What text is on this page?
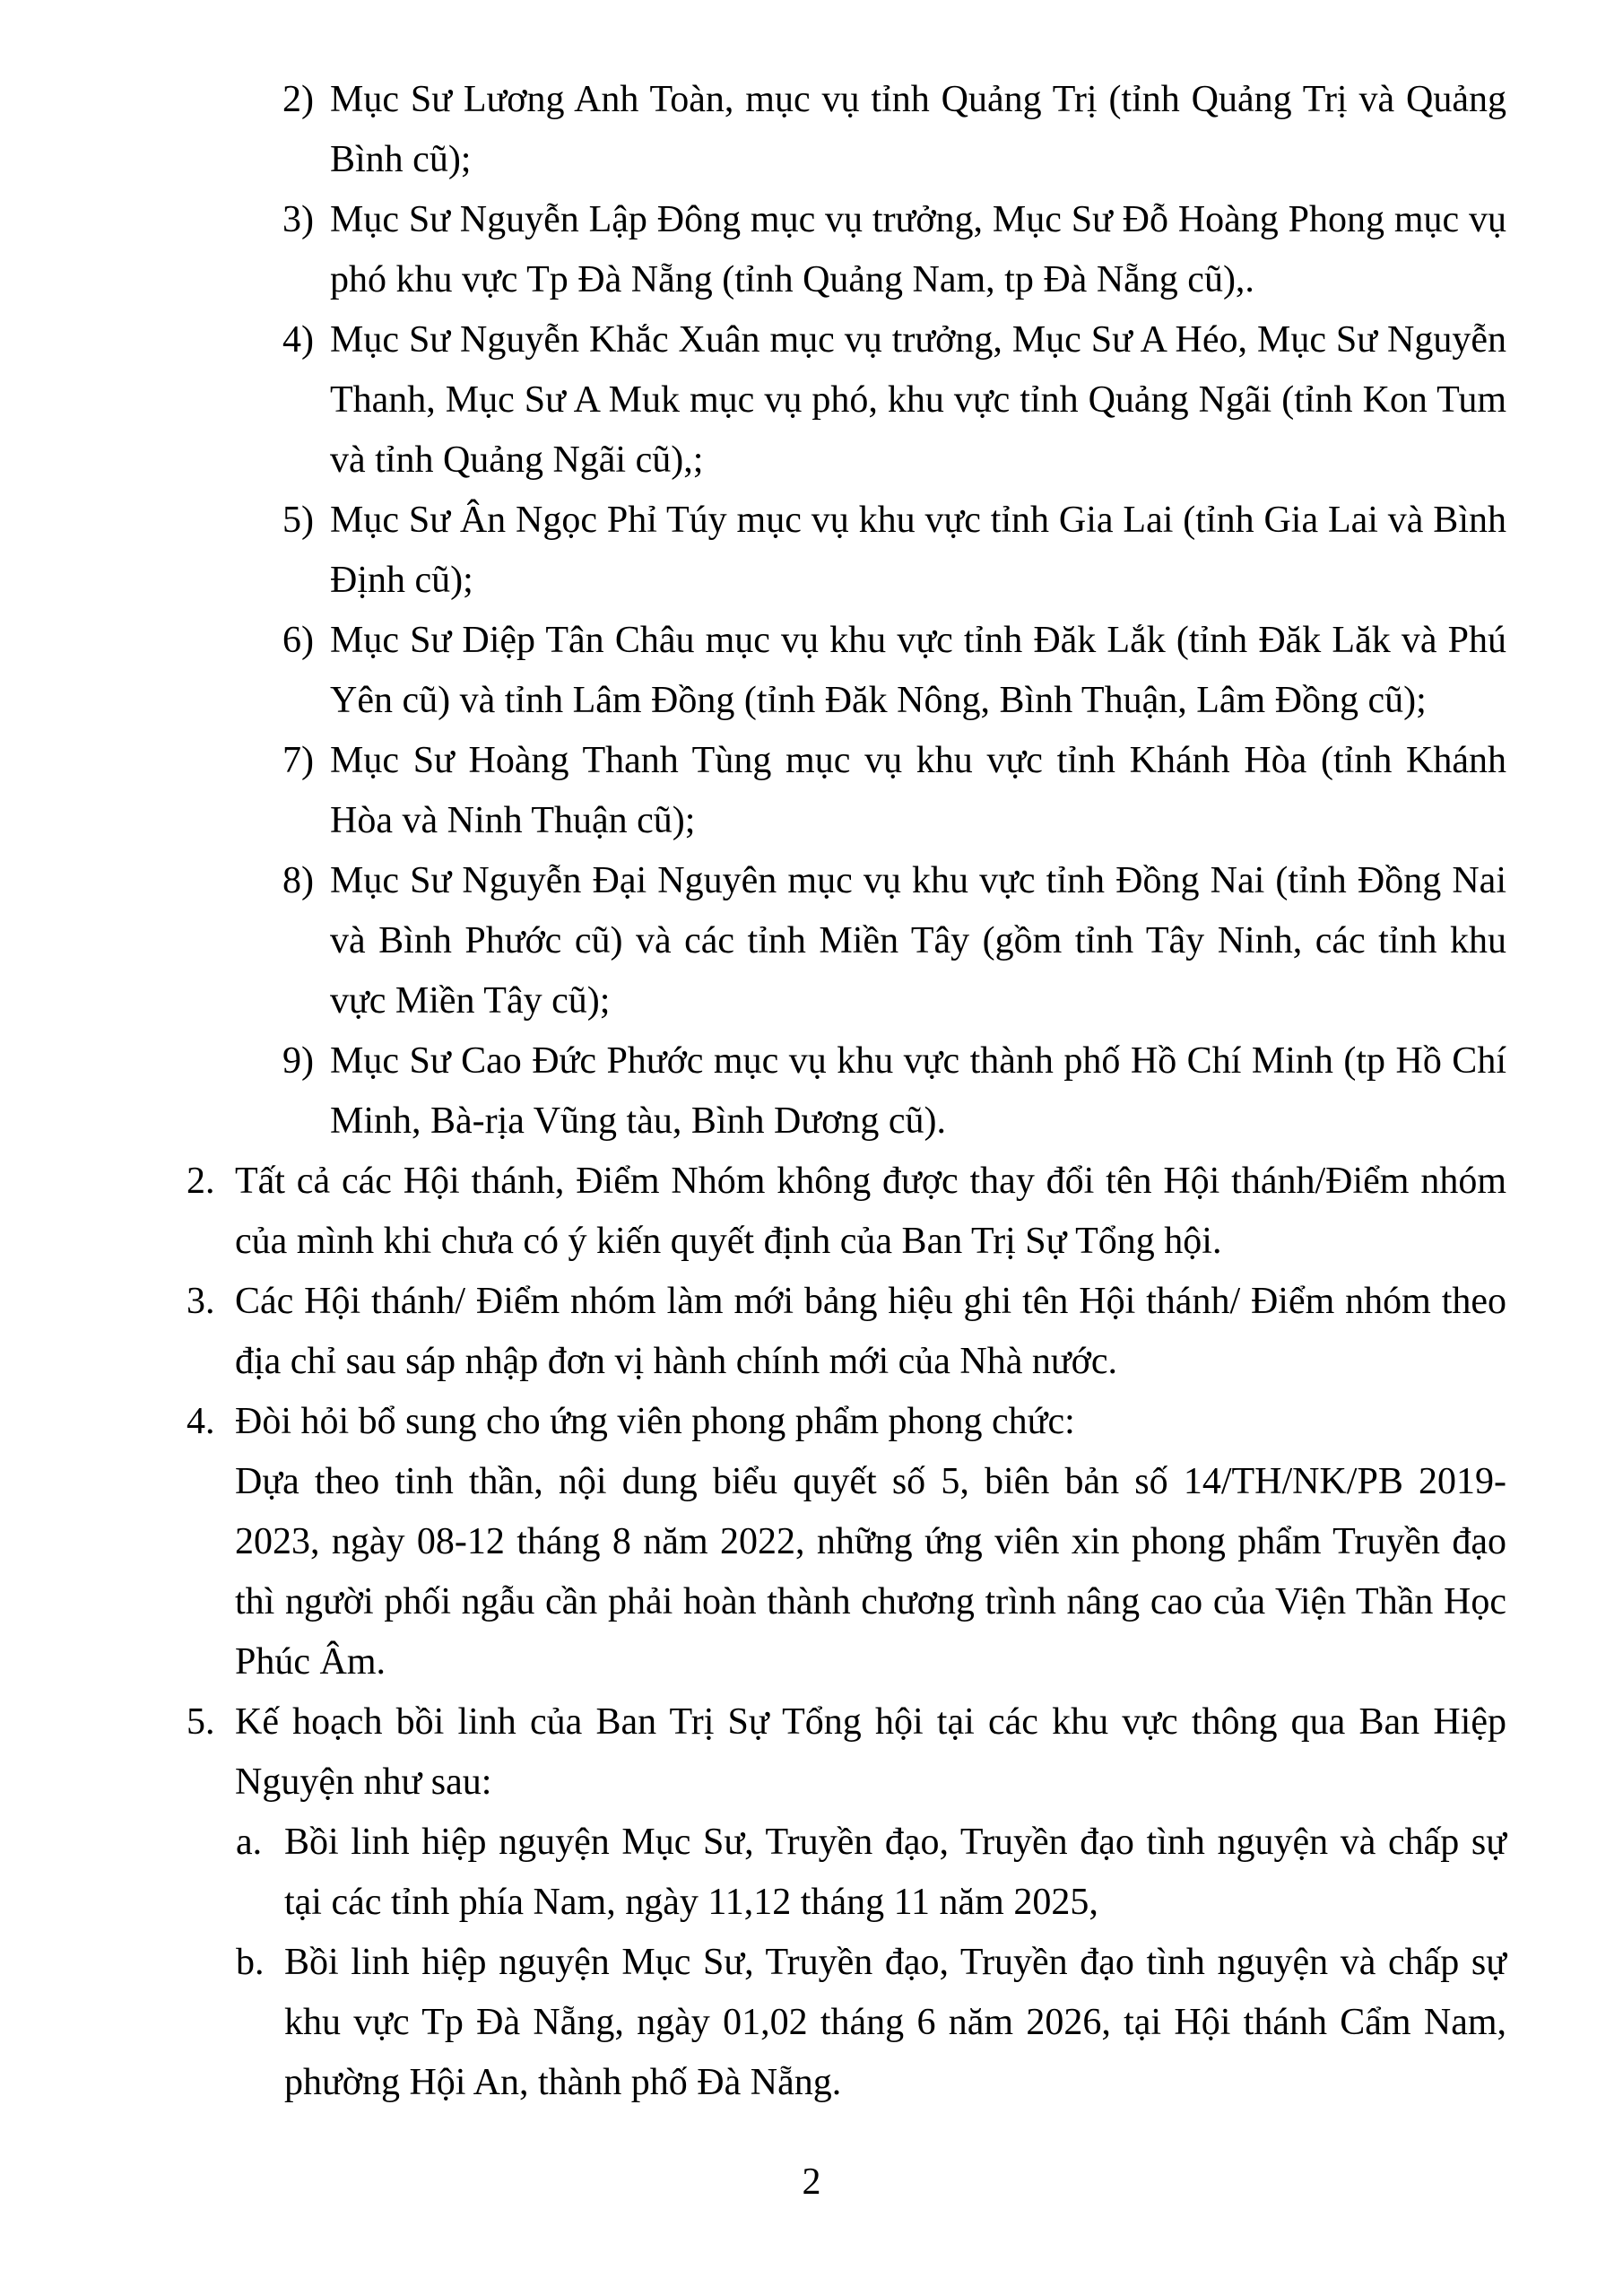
2) Mục Sư Lương Anh Toàn, mục vụ tỉnh Quảng Trị (tỉnh Quảng Trị và Quảng Bình cũ);
3) Mục Sư Nguyễn Lập Đông mục vụ trưởng, Mục Sư Đỗ Hoàng Phong mục vụ phó khu vực Tp Đà Nẵng (tỉnh Quảng Nam, tp Đà Nẵng cũ),.
4) Mục Sư Nguyễn Khắc Xuân mục vụ trưởng, Mục Sư A Héo, Mục Sư Nguyễn Thanh, Mục Sư A Muk mục vụ phó, khu vực tỉnh Quảng Ngãi (tỉnh Kon Tum và tỉnh Quảng Ngãi cũ),;
5) Mục Sư Ân Ngọc Phỉ Túy mục vụ khu vực tỉnh Gia Lai (tỉnh Gia Lai và Bình Định cũ);
6) Mục Sư Diệp Tân Châu mục vụ khu vực tỉnh Đăk Lắk (tỉnh Đăk Lăk và Phú Yên cũ) và tỉnh Lâm Đồng (tỉnh Đăk Nông, Bình Thuận, Lâm Đồng cũ);
7) Mục Sư Hoàng Thanh Tùng mục vụ khu vực tỉnh Khánh Hòa (tỉnh Khánh Hòa và Ninh Thuận cũ);
8) Mục Sư Nguyễn Đại Nguyên mục vụ khu vực tỉnh Đồng Nai (tỉnh Đồng Nai và Bình Phước cũ) và các tỉnh Miền Tây (gồm tỉnh Tây Ninh, các tỉnh khu vực Miền Tây cũ);
9) Mục Sư Cao Đức Phước mục vụ khu vực thành phố Hồ Chí Minh (tp Hồ Chí Minh, Bà-rịa Vũng tàu, Bình Dương cũ).
2. Tất cả các Hội thánh, Điểm Nhóm không được thay đổi tên Hội thánh/Điểm nhóm của mình khi chưa có ý kiến quyết định của Ban Trị Sự Tổng hội.
3. Các Hội thánh/ Điểm nhóm làm mới bảng hiệu ghi tên Hội thánh/ Điểm nhóm theo địa chỉ sau sáp nhập đơn vị hành chính mới của Nhà nước.
4. Đòi hỏi bổ sung cho ứng viên phong phẩm phong chức:
Dựa theo tinh thần, nội dung biểu quyết số 5, biên bản số 14/TH/NK/PB 2019-2023, ngày 08-12 tháng 8 năm 2022, những ứng viên xin phong phẩm Truyền đạo thì người phối ngẫu cần phải hoàn thành chương trình nâng cao của Viện Thần Học Phúc Âm.
5. Kế hoạch bồi linh của Ban Trị Sự Tổng hội tại các khu vực thông qua Ban Hiệp Nguyện như sau:
a. Bồi linh hiệp nguyện Mục Sư, Truyền đạo, Truyền đạo tình nguyện và chấp sự tại các tỉnh phía Nam, ngày 11,12 tháng 11 năm 2025,
b. Bồi linh hiệp nguyện Mục Sư, Truyền đạo, Truyền đạo tình nguyện và chấp sự khu vực Tp Đà Nẵng, ngày 01,02 tháng 6 năm 2026, tại Hội thánh Cẩm Nam, phường Hội An, thành phố Đà Nẵng.
2
